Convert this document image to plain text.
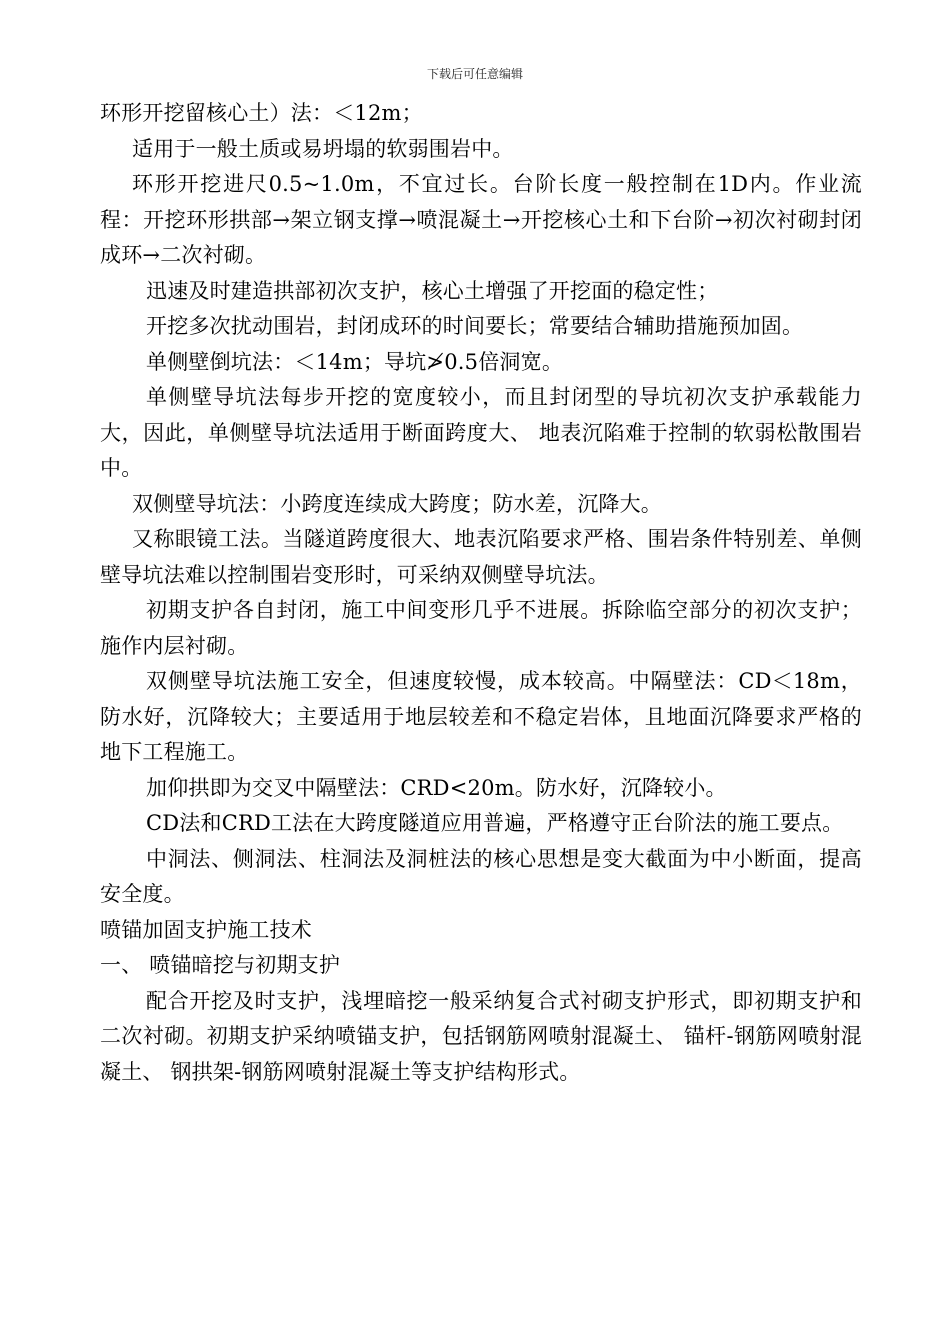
下载后可任意编辑

环形开挖留核心土）法：＜12m；

适用于一般土质或易坍塌的软弱围岩中。

环形开挖进尺0.5~1.0m，不宜过长。台阶长度一般控制在1D内。作业流程：开挖环形拱部→架立钢支撑→喷混凝土→开挖核心土和下台阶→初次衬砌封闭成环→二次衬砌。

迅速及时建造拱部初次支护，核心土增强了开挖面的稳定性；

开挖多次扰动围岩，封闭成环的时间要长；常要结合辅助措施预加固。

单侧壁倒坑法：＜14m；导坑≯0.5倍洞宽。

单侧壁导坑法每步开挖的宽度较小，而且封闭型的导坑初次支护承载能力大，因此，单侧壁导坑法适用于断面跨度大、 地表沉陷难于控制的软弱松散围岩中。

双侧壁导坑法：小跨度连续成大跨度；防水差，沉降大。

又称眼镜工法。当隧道跨度很大、地表沉陷要求严格、围岩条件特别差、单侧壁导坑法难以控制围岩变形时，可采纳双侧壁导坑法。

初期支护各自封闭，施工中间变形几乎不进展。拆除临空部分的初次支护；施作内层衬砌。

双侧壁导坑法施工安全，但速度较慢，成本较高。中隔壁法：CD＜18m，防水好，沉降较大；主要适用于地层较差和不稳定岩体，且地面沉降要求严格的地下工程施工。

加仰拱即为交叉中隔壁法：CRD<20m。防水好，沉降较小。

CD法和CRD工法在大跨度隧道应用普遍，严格遵守正台阶法的施工要点。

中洞法、侧洞法、柱洞法及洞桩法的核心思想是变大截面为中小断面，提高安全度。

喷锚加固支护施工技术

一、 喷锚暗挖与初期支护

配合开挖及时支护，浅埋暗挖一般采纳复合式衬砌支护形式，即初期支护和二次衬砌。初期支护采纳喷锚支护，包括钢筋网喷射混凝土、 锚杆-钢筋网喷射混凝土、 钢拱架-钢筋网喷射混凝土等支护结构形式。
